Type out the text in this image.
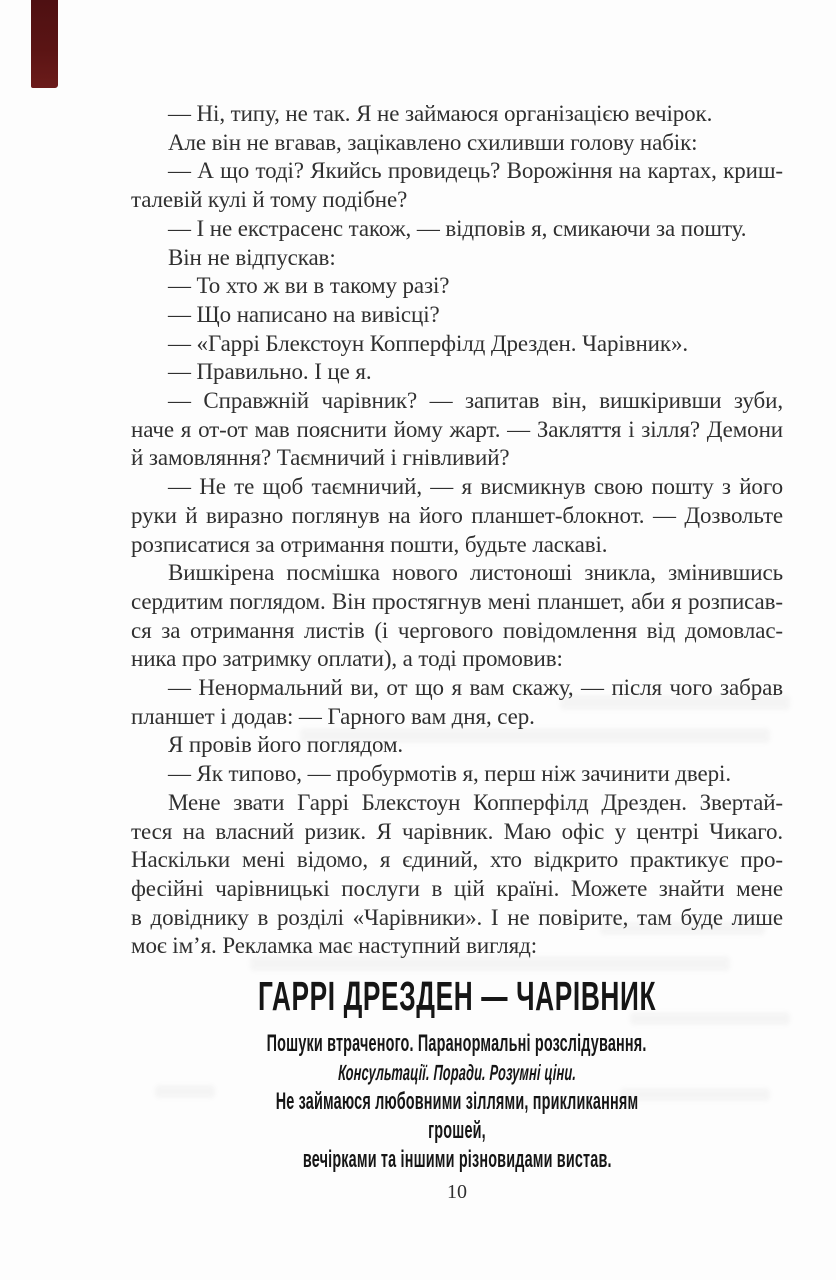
— Ні, типу, не так. Я не займаюся організацією вечірок.
Але він не вгавав, зацікавлено схиливши голову набік:
— А що тоді? Якийсь провидець? Ворожіння на картах, криш-
талевій кулі й тому подібне?
— І не екстрасенс також, — відповів я, смикаючи за пошту.
Він не відпускав:
— То хто ж ви в такому разі?
— Що написано на вивісці?
— «Гаррі Блекстоун Копперфілд Дрезден. Чарівник».
— Правильно. І це я.
— Справжній чарівник? — запитав він, вишкіривши зуби,
наче я от-от мав пояснити йому жарт. — Закляття і зілля? Демони
й замовляння? Таємничий і гнівливий?
— Не те щоб таємничий, — я висмикнув свою пошту з його
руки й виразно поглянув на його планшет-блокнот. — Дозвольте
розписатися за отримання пошти, будьте ласкаві.
Вишкірена посмішка нового листоноші зникла, змінившись
сердитим поглядом. Він простягнув мені планшет, аби я розписав-
ся за отримання листів (і чергового повідомлення від домовлас-
ника про затримку оплати), а тоді промовив:
— Ненормальний ви, от що я вам скажу, — після чого забрав
планшет і додав: — Гарного вам дня, сер.
Я провів його поглядом.
— Як типово, — пробурмотів я, перш ніж зачинити двері.
Мене звати Гаррі Блекстоун Копперфілд Дрезден. Звертай-
теся на власний ризик. Я чарівник. Маю офіс у центрі Чикаго.
Наскільки мені відомо, я єдиний, хто відкрито практикує про-
фесійні чарівницькі послуги в цій країні. Можете знайти мене
в довіднику в розділі «Чарівники». І не повірите, там буде лише
моє ім’я. Рекламка має наступний вигляд:
ГАРРІ ДРЕЗДЕН — ЧАРІВНИК
Пошуки втраченого. Паранормальні розслідування.
Консультації. Поради. Розумні ціни.
Не займаюся любовними зіллями, прикликанням грошей,
вечірками та іншими різновидами вистав.
10
